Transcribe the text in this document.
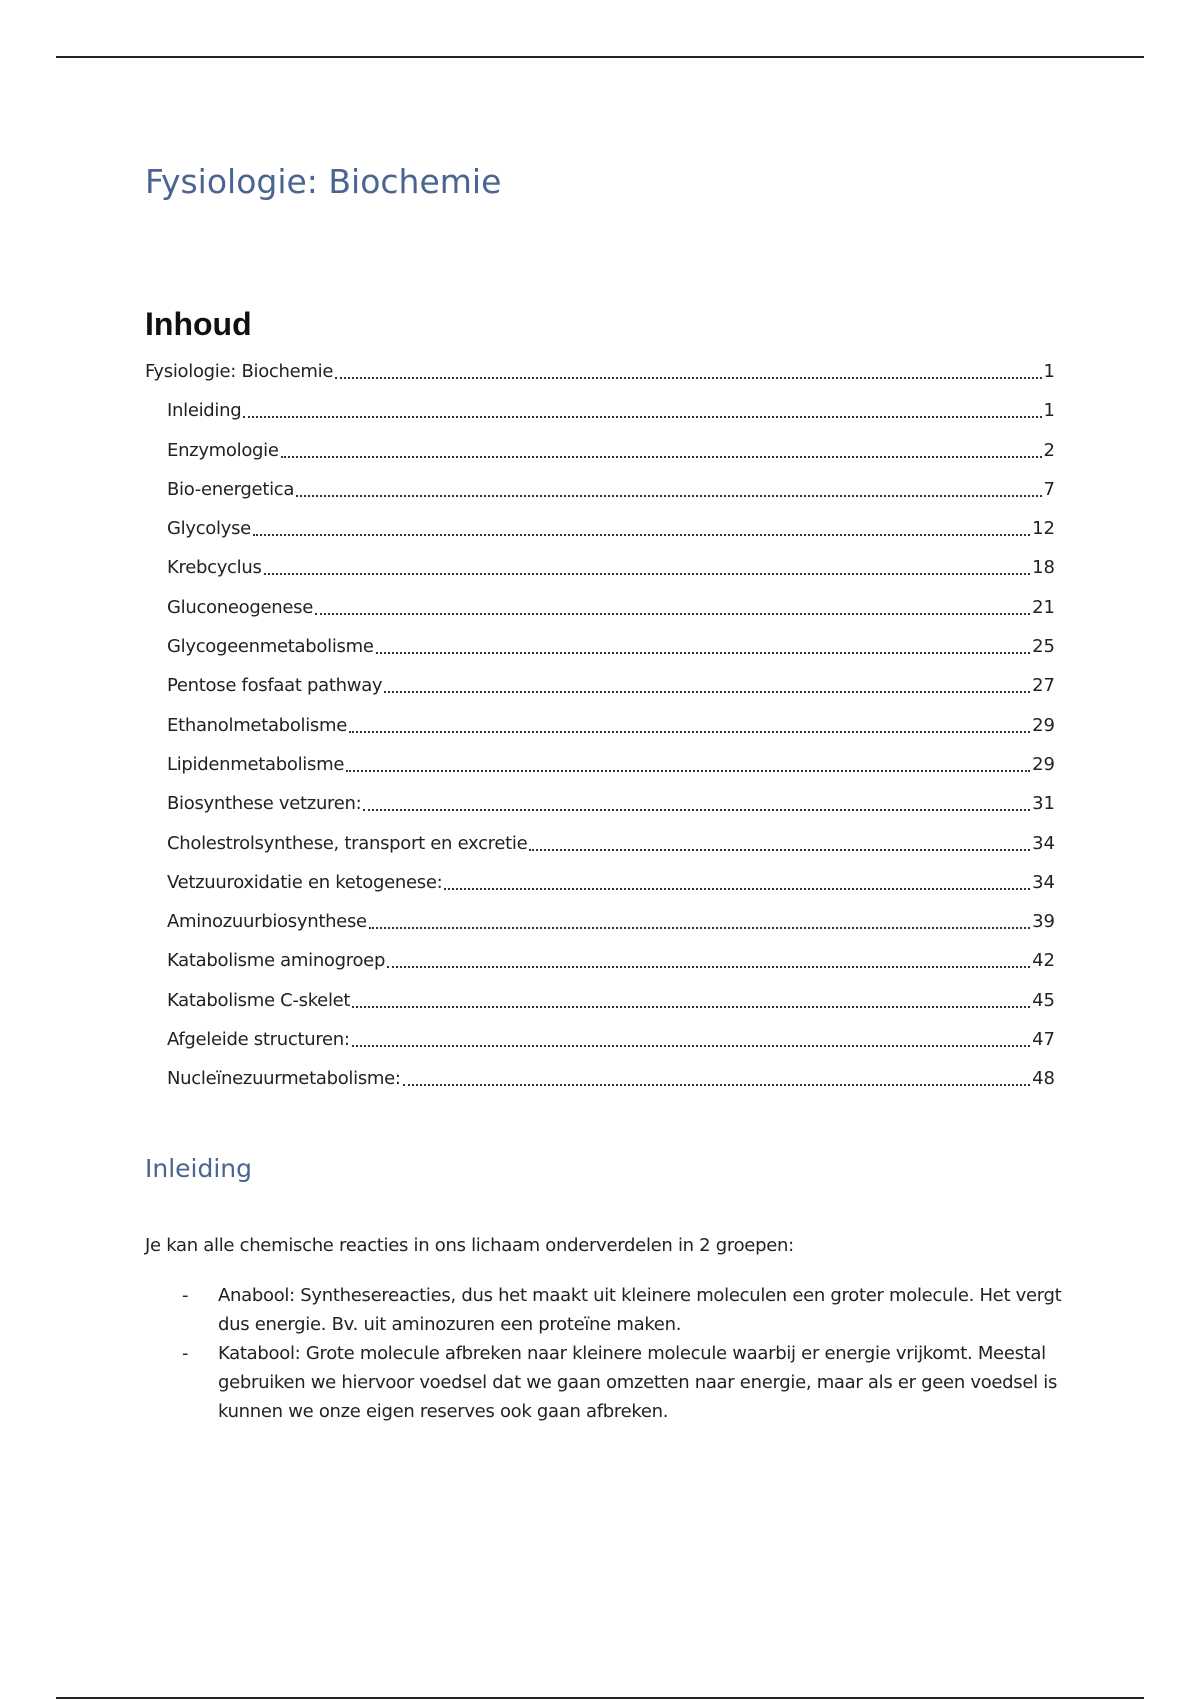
Fysiologie: Biochemie
Inhoud
Fysiologie: Biochemie	1
Inleiding	1
Enzymologie	2
Bio-energetica	7
Glycolyse	12
Krebcyclus	18
Gluconeogenese	21
Glycogeenmetabolisme	25
Pentose fosfaat pathway	27
Ethanolmetabolisme	29
Lipidenmetabolisme	29
Biosynthese vetzuren:	31
Cholestrolsynthese, transport en excretie	34
Vetzuuroxidatie en ketogenese:	34
Aminozuurbiosynthese	39
Katabolisme aminogroep	42
Katabolisme C-skelet	45
Afgeleide structuren:	47
Nucleïnezuurmetabolisme:	48
Inleiding

Je kan alle chemische reacties in ons lichaam onderverdelen in 2 groepen:

-	Anabool: Synthesereacties, dus het maakt uit kleinere moleculen een groter molecule. Het vergt dus energie. Bv. uit aminozuren een proteïne maken.
-	Katabool: Grote molecule afbreken naar kleinere molecule waarbij er energie vrijkomt. Meestal gebruiken we hiervoor voedsel dat we gaan omzetten naar energie, maar als er geen voedsel is kunnen we onze eigen reserves ook gaan afbreken.
